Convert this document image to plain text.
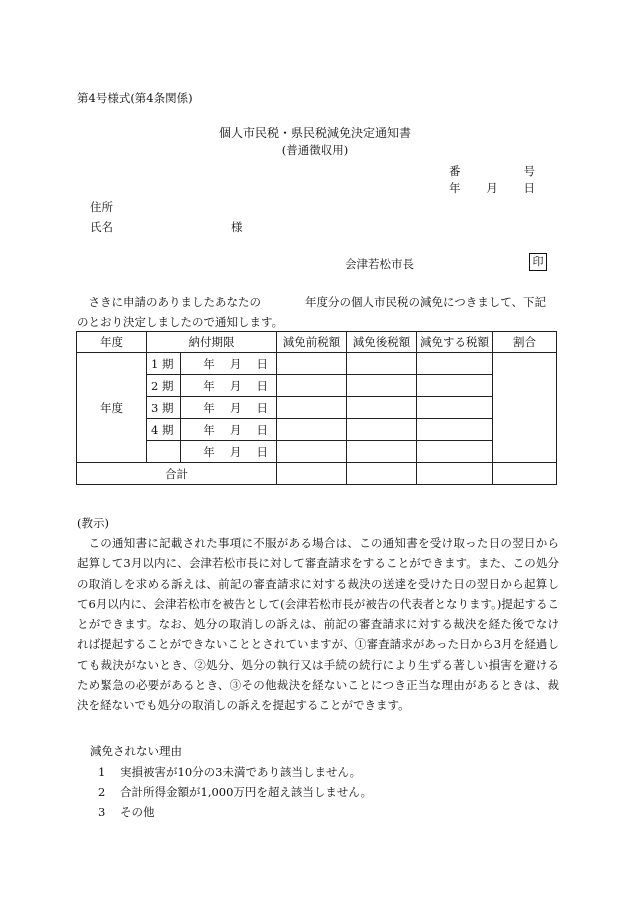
第4号様式(第4条関係)
個人市民税・県民税減免決定通知書
(普通徴収用)
番	号
年 月 日
住所
氏名	様
会津若松市長	印
さきに申請のありましたあなたの	年度分の個人市民税の減免につきまして、下記のとおり決定しましたので通知します。
年度	納付期限		減免前税額	減免後税額	減免する税額	割合
年度	1 期	年　 月　 日				
	2 期	年　 月　 日				
	3 期	年　 月　 日				
	4 期	年　 月　 日				
		年　 月　 日				
合計						
(教示)
この通知書に記載された事項に不服がある場合は、この通知書を受け取った日の翌日から起算して3月以内に、会津若松市長に対して審査請求をすることができます。また、この処分の取消しを求める訴えは、前記の審査請求に対する裁決の送達を受けた日の翌日から起算して6月以内に、会津若松市を被告として(会津若松市長が被告の代表者となります。)提起することができます。なお、処分の取消しの訴えは、前記の審査請求に対する裁決を経た後でなければ提起することができないこととされていますが、①審査請求があった日から3月を経過しても裁決がないとき、②処分、処分の執行又は手続の続行により生ずる著しい損害を避けるため緊急の必要があるとき、③その他裁決を経ないことにつき正当な理由があるときは、裁決を経ないでも処分の取消しの訴えを提起することができます。
減免されない理由
1 実損被害が10分の3未満であり該当しません。
2 合計所得金額が1,000万円を超え該当しません。
3 その他
